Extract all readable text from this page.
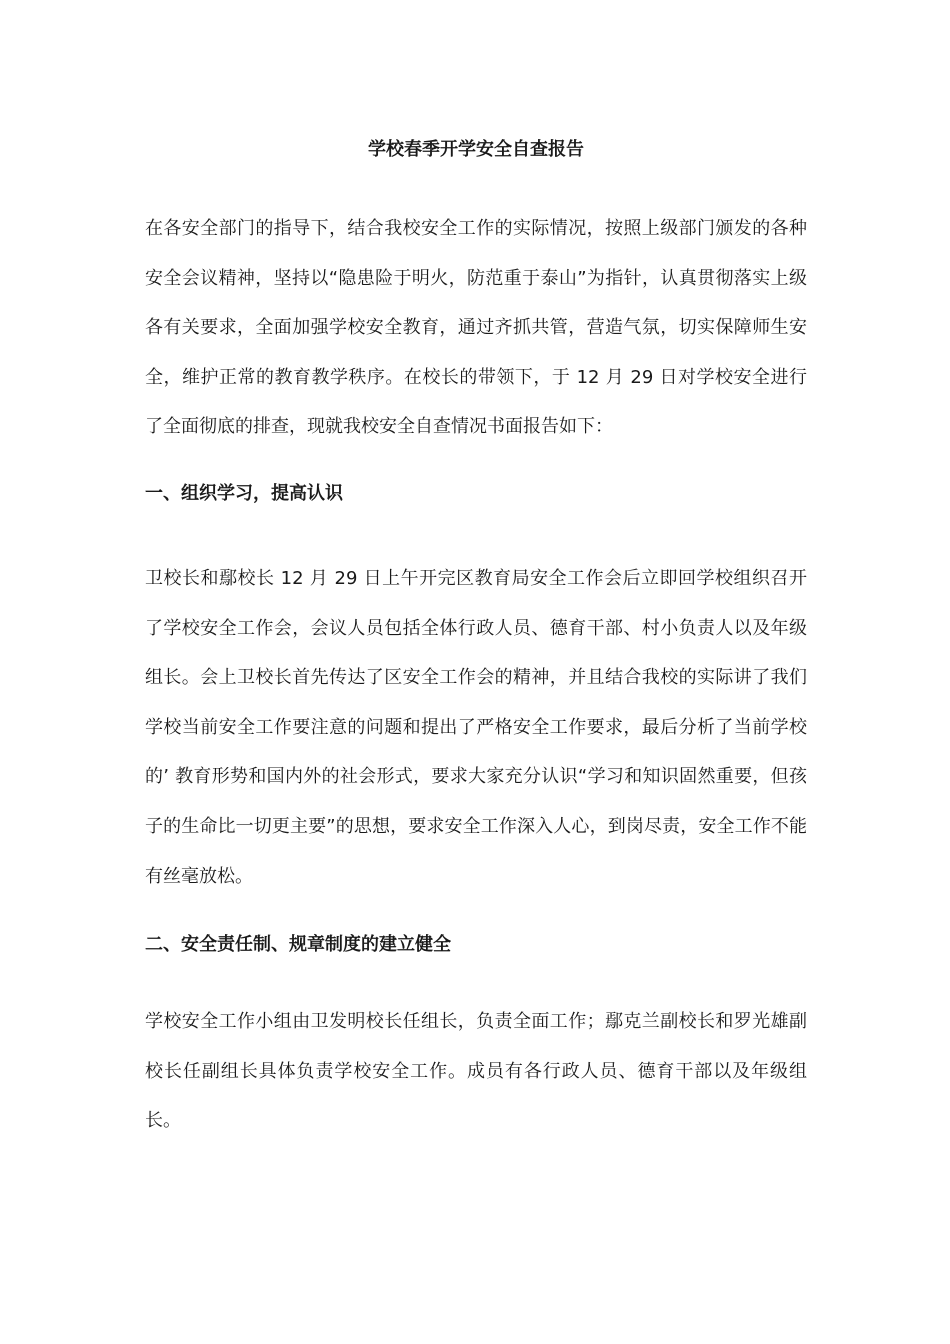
学校春季开学安全自查报告

在各安全部门的指导下，结合我校安全工作的实际情况，按照上级部门颁发的各种安全会议精神，坚持以“隐患险于明火，防范重于泰山”为指针，认真贯彻落实上级各有关要求，全面加强学校安全教育，通过齐抓共管，营造气氛，切实保障师生安全，维护正常的教育教学秩序。在校长的带领下，于 12 月 29 日对学校安全进行了全面彻底的排查，现就我校安全自查情况书面报告如下：

一、组织学习，提高认识

卫校长和鄢校长 12 月 29 日上午开完区教育局安全工作会后立即回学校组织召开了学校安全工作会，会议人员包括全体行政人员、德育干部、村小负责人以及年级组长。会上卫校长首先传达了区安全工作会的精神，并且结合我校的实际讲了我们学校当前安全工作要注意的问题和提出了严格安全工作要求，最后分析了当前学校的’ 教育形势和国内外的社会形式，要求大家充分认识“学习和知识固然重要，但孩子的生命比一切更主要”的思想，要求安全工作深入人心，到岗尽责，安全工作不能有丝毫放松。

二、安全责任制、规章制度的建立健全

学校安全工作小组由卫发明校长任组长，负责全面工作；鄢克兰副校长和罗光雄副校长任副组长具体负责学校安全工作。成员有各行政人员、德育干部以及年级组长。
